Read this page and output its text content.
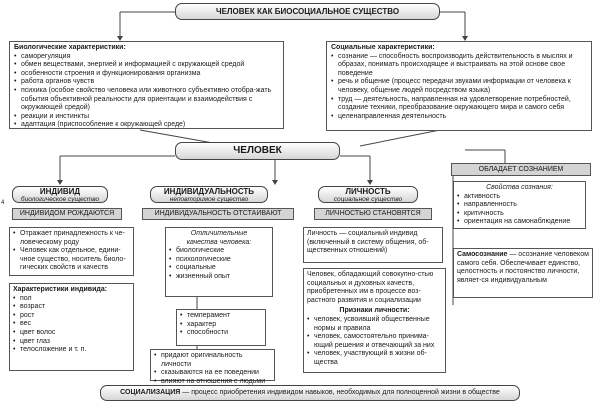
ЧЕЛОВЕК КАК БИОСОЦИАЛЬНОЕ СУЩЕСТВО
Биологические характеристики:
• саморегуляция
• обмен веществами, энергией и информацией с окружающей средой
• особенности строения и функционирования организма
• работа органов чувств
• психика (особое свойство человека или животного субъективно отобра-жать события объективной реальности для ориентации и взаимодействия с окружающей средой)
• реакции и инстинкты
• адаптация (приспособление к окружающей среде)
Социальные характеристики:
• сознание — способность воспроизводить действительность в мыслях и образах, понимать происходящее и выстраивать на этой основе свое поведение
• речь и общение (процесс передачи звуками информации от человека к человеку, общение людей посредством языка)
• труд — деятельность, направленная на удовлетворение потребностей, создание техники, преобразование окружающего мира и самого себя
• целенаправленная деятельность
ЧЕЛОВЕК
ИНДИВИД
биологическое существо
ИНДИВИДОМ РОЖДАЮТСЯ
• Отражает принадлежность к че-ловеческому роду
• Человек как отдельное, едини-чное существо, носитель биоло-гических свойств и качеств
Характеристики индивида:
• пол
• возраст
• рост
• вес
• цвет волос
• цвет глаз
• телосложение и т. п.
4
ИНДИВИДУАЛЬНОСТЬ
неповторимое существо
ИНДИВИДУАЛЬНОСТЬ ОТСТАИВАЮТ
Отличительные качества человека:
• биологические
• психологические
• социальные
• жизненный опыт
• темперамент
• характер
• способности
• придают оригинальность личности
• сказываются на ее поведении
• влияют на отношения с людьми
ЛИЧНОСТЬ
социальное существо
ЛИЧНОСТЬЮ СТАНОВЯТСЯ
Личность — социальный индивид (включенный в систему общения, об-щественных отношений)
Человек, обладающий совокупно-стью социальных и духовных качеств, приобретенных им в процессе воз-растного развития и социализации
Признаки личности:
• человек, усвоивший общественные нормы и правила
• человек, самостоятельно принима-ющий решения и отвечающий за них
• человек, участвующий в жизни об-щества
ОБЛАДАЕТ СОЗНАНИЕМ
Свойства сознания:
• активность
• направленность
• критичность
• ориентация на самонаблюдение
Самосознание — осознание человеком самого себя. Обеспечивает единство, целостность и постоянство личности, являет-ся индивидуальным
СОЦИАЛИЗАЦИЯ — процесс приобретения индивидом навыков, необходимых для полноценной жизни в обществе
